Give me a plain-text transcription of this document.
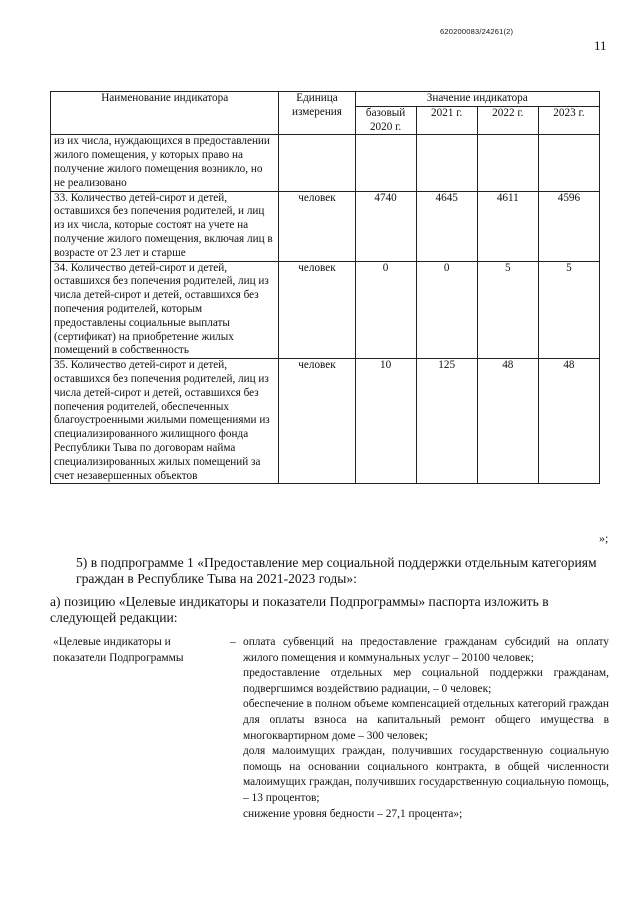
620200083/24261(2)
11
Наименование индикатора	Единица измерения	Значение индикатора			
		базовый 2020 г.	2021 г.	2022 г.	2023 г.
из их числа, нуждающихся в предоставлении жилого помещения, у которых право на получение жилого помещения возникло, но не реализовано					
33. Количество детей-сирот и детей, оставшихся без попечения родителей, и лиц из их числа, которые состоят на учете на получение жилого помещения, включая лиц в возрасте от 23 лет и старше	человек	4740	4645	4611	4596
34. Количество детей-сирот и детей, оставшихся без попечения родителей, лиц из числа детей-сирот и детей, оставшихся без попечения родителей, которым предоставлены социальные выплаты (сертификат) на приобретение жилых помещений в собственность	человек	0	0	5	5
35. Количество детей-сирот и детей, оставшихся без попечения родителей, лиц из числа детей-сирот и детей, оставшихся без попечения родителей, обеспеченных благоустроенными жилыми помещениями из специализированного жилищного фонда Республики Тыва по договорам найма специализированных жилых помещений за счет незавершенных объектов	человек	10	125	48	48
»;
5) в подпрограмме 1 «Предоставление мер социальной поддержки отдельным категориям граждан в Республике Тыва на 2021-2023 годы»:
а) позицию «Целевые индикаторы и показатели Подпрограммы» паспорта изложить в следующей редакции:
«Целевые индикаторы и показатели Подпрограммы
– оплата субвенций на предоставление гражданам субсидий на оплату жилого помещения и коммунальных услуг – 20100 человек;
предоставление отдельных мер социальной поддержки гражданам, подвергшимся воздействию радиации, – 0 человек;
обеспечение в полном объеме компенсацией отдельных категорий граждан для оплаты взноса на капитальный ремонт общего имущества в многоквартирном доме – 300 человек;
доля малоимущих граждан, получивших государственную социальную помощь на основании социального контракта, в общей численности малоимущих граждан, получивших государственную социальную помощь, – 13 процентов;
снижение уровня бедности – 27,1 процента»;
